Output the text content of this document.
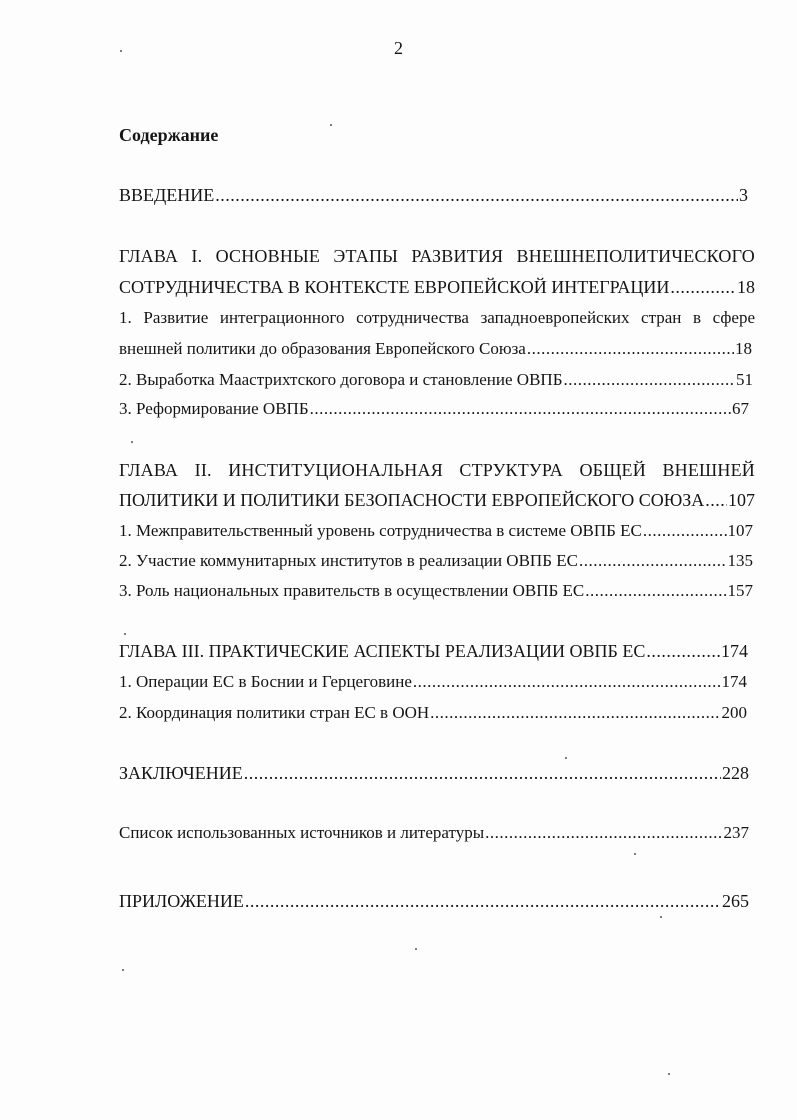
2
Содержание
ВВЕДЕНИЕ .....	3
ГЛАВА I. ОСНОВНЫЕ ЭТАПЫ РАЗВИТИЯ ВНЕШНЕПОЛИТИЧЕСКОГО
СОТРУДНИЧЕСТВА В КОНТЕКСТЕ ЕВРОПЕЙСКОЙ ИНТЕГРАЦИИ .....	18
1. Развитие интеграционного сотрудничества западноевропейских стран в сфере
внешней политики до образования Европейского Союза .....	18
2. Выработка Маастрихтского договора и становление ОВПБ .....	51
3. Реформирование ОВПБ .....	67
ГЛАВА II. ИНСТИТУЦИОНАЛЬНАЯ СТРУКТУРА ОБЩЕЙ ВНЕШНЕЙ
ПОЛИТИКИ И ПОЛИТИКИ БЕЗОПАСНОСТИ ЕВРОПЕЙСКОГО СОЮЗА ..... 107
1. Межправительственный уровень сотрудничества в системе ОВПБ ЕС .....	107
2. Участие коммунитарных институтов в реализации ОВПБ ЕС .....	135
3. Роль национальных правительств в осуществлении ОВПБ ЕС .....	157
ГЛАВА III. ПРАКТИЧЕСКИЕ АСПЕКТЫ РЕАЛИЗАЦИИ ОВПБ ЕС .....	174
1. Операции ЕС в Боснии и Герцеговине .....	174
2. Координация политики стран ЕС в ООН .....	200
ЗАКЛЮЧЕНИЕ .....	228
Список использованных источников и литературы .....	237
ПРИЛОЖЕНИЕ .....	265
